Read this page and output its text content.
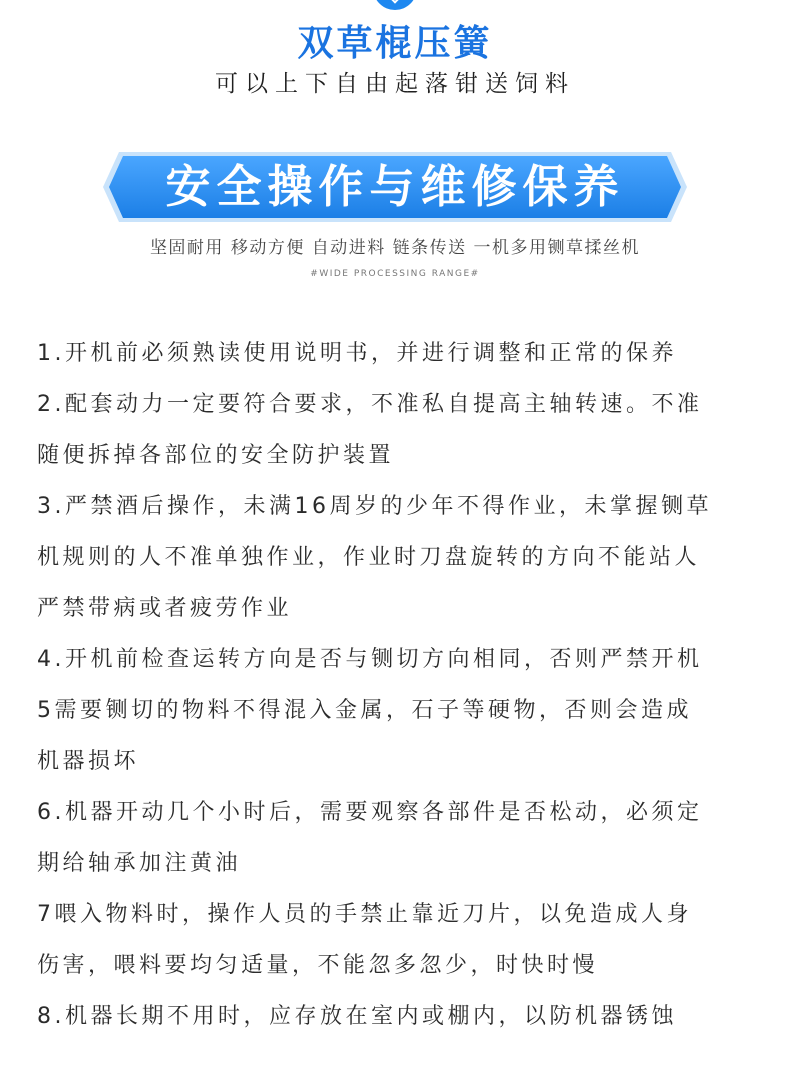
双草棍压簧
可以上下自由起落钳送饲料
安全操作与维修保养
坚固耐用 移动方便 自动进料 链条传送 一机多用铡草揉丝机
#WIDE PROCESSING RANGE#
1.开机前必须熟读使用说明书，并进行调整和正常的保养
2.配套动力一定要符合要求，不准私自提高主轴转速。不准
随便拆掉各部位的安全防护装置
3.严禁酒后操作，未满16周岁的少年不得作业，未掌握铡草
机规则的人不准单独作业，作业时刀盘旋转的方向不能站人
严禁带病或者疲劳作业
4.开机前检查运转方向是否与铡切方向相同，否则严禁开机
5需要铡切的物料不得混入金属，石子等硬物，否则会造成
机器损坏
6.机器开动几个小时后，需要观察各部件是否松动，必须定
期给轴承加注黄油
7喂入物料时，操作人员的手禁止靠近刀片，以免造成人身
伤害，喂料要均匀适量，不能忽多忽少，时快时慢
8.机器长期不用时，应存放在室内或棚内，以防机器锈蚀
